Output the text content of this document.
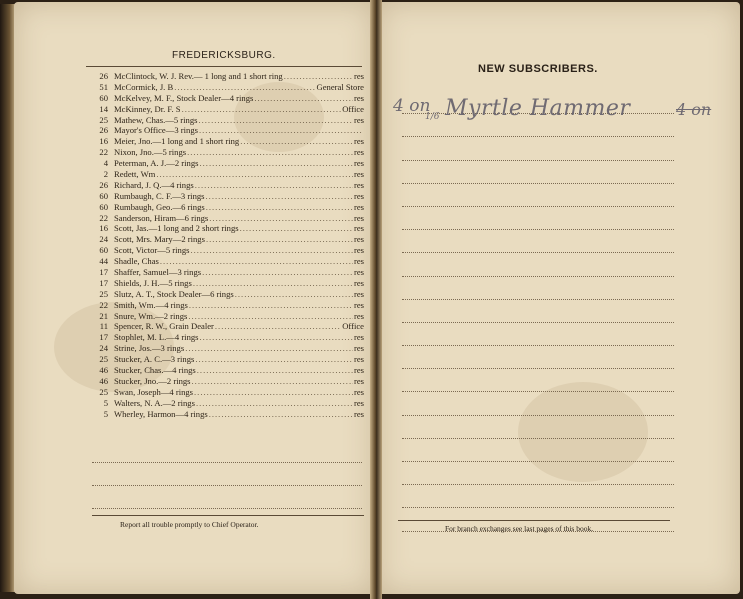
FREDERICKSBURG.
26 McClintock, W. J. Rev.— 1 long and 1 short ring .....	res
51 McCormick, J. B .....	General Store
60 McKelvey, M. F., Stock Dealer—4 rings .....	res
14 McKinney, Dr. F. S .....	Office
25 Mathew, Chas.—5 rings .....	res
26 Mayor's Office—3 rings
.....
16 Meier, Jno.—1 long and 1 short ring .....	res
22 Nixon, Jno.—5 rings .....	res
4 Peterman, A. J.—2 rings .....	res
2 Redett, Wm .....	res
26 Richard, J. Q.—4 rings .....	res
60 Rumbaugh, C. F.—3 rings .....	res
60 Rumbaugh, Geo.—6 rings .....	res
22 Sanderson, Hiram—6 rings .....	res
16 Scott, Jas.—1 long and 2 short rings .....	res
24 Scott, Mrs. Mary—2 rings .....	res
60 Scott, Victor—5 rings .....	res
44 Shadle, Chas .....	res
17 Shaffer, Samuel—3 rings .....	res
17 Shields, J. H.—5 rings .....	res
25 Slutz, A. T., Stock Dealer—6 rings .....	res
22 Smith, Wm.—4 rings .....	res
21 Snure, Wm.—2 rings .....	res
11 Spencer, R. W., Grain Dealer .....	Office
17 Stophlet, M. L.—4 rings .....	res
24 Strine, Jos.—3 rings .....	res
25 Stucker, A. C.—3 rings .....	res
46 Stucker, Chas.—4 rings .....	res
46 Stucker, Jno.—2 rings .....	res
25 Swan, Joseph—4 rings .....	res
5 Walters, N. A.—2 rings .....	res
5 Wherley, Harmon—4 rings .....	res
Report all trouble promptly to Chief Operator.
NEW SUBSCRIBERS.
4 on
1/6 Myrtle Hammer	4 on
For branch exchanges see last pages of this book.
